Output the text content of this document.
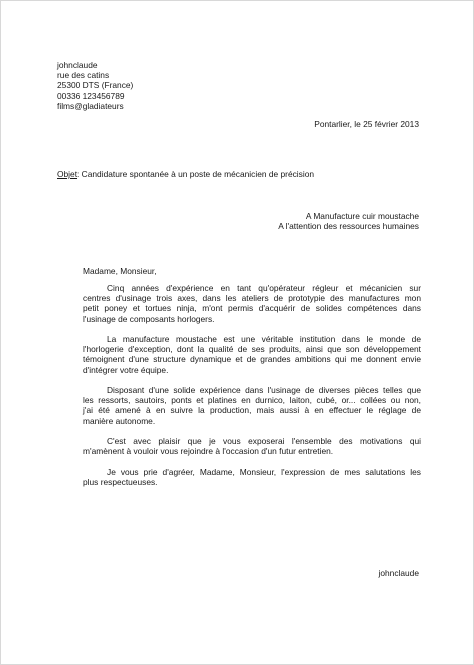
johnclaude
rue des catins
25300 DTS (France)
00336 123456789
films@gladiateurs
Pontarlier, le 25 février 2013
Objet: Candidature spontanée à un poste de mécanicien de précision
A Manufacture cuir moustache
A l'attention des ressources humaines
Madame, Monsieur,

Cinq années d'expérience en tant qu'opérateur régleur et mécanicien sur
centres d'usinage trois axes, dans les ateliers de prototypie des manufactures mon
petit poney et tortues ninja, m'ont permis d'acquérir de solides compétences dans
l'usinage de composants horlogers.

La manufacture moustache est une véritable institution dans le monde de
l'horlogerie d'exception, dont la qualité de ses produits, ainsi que son développement
témoignent d'une structure dynamique et de grandes ambitions qui me donnent envie
d'intégrer votre équipe.

Disposant d'une solide expérience dans l'usinage de diverses pièces telles que
les ressorts, sautoirs, ponts et platines en durnico, laiton, cubé, or... collées ou non,
j'ai été amené à en suivre la production, mais aussi à en effectuer le réglage de
manière autonome.

C'est avec plaisir que je vous exposerai l'ensemble des motivations qui
m'amènent à vouloir vous rejoindre à l'occasion d'un futur entretien.

Je vous prie d'agréer, Madame, Monsieur, l'expression de mes salutations les
plus respectueuses.

johnclaude
